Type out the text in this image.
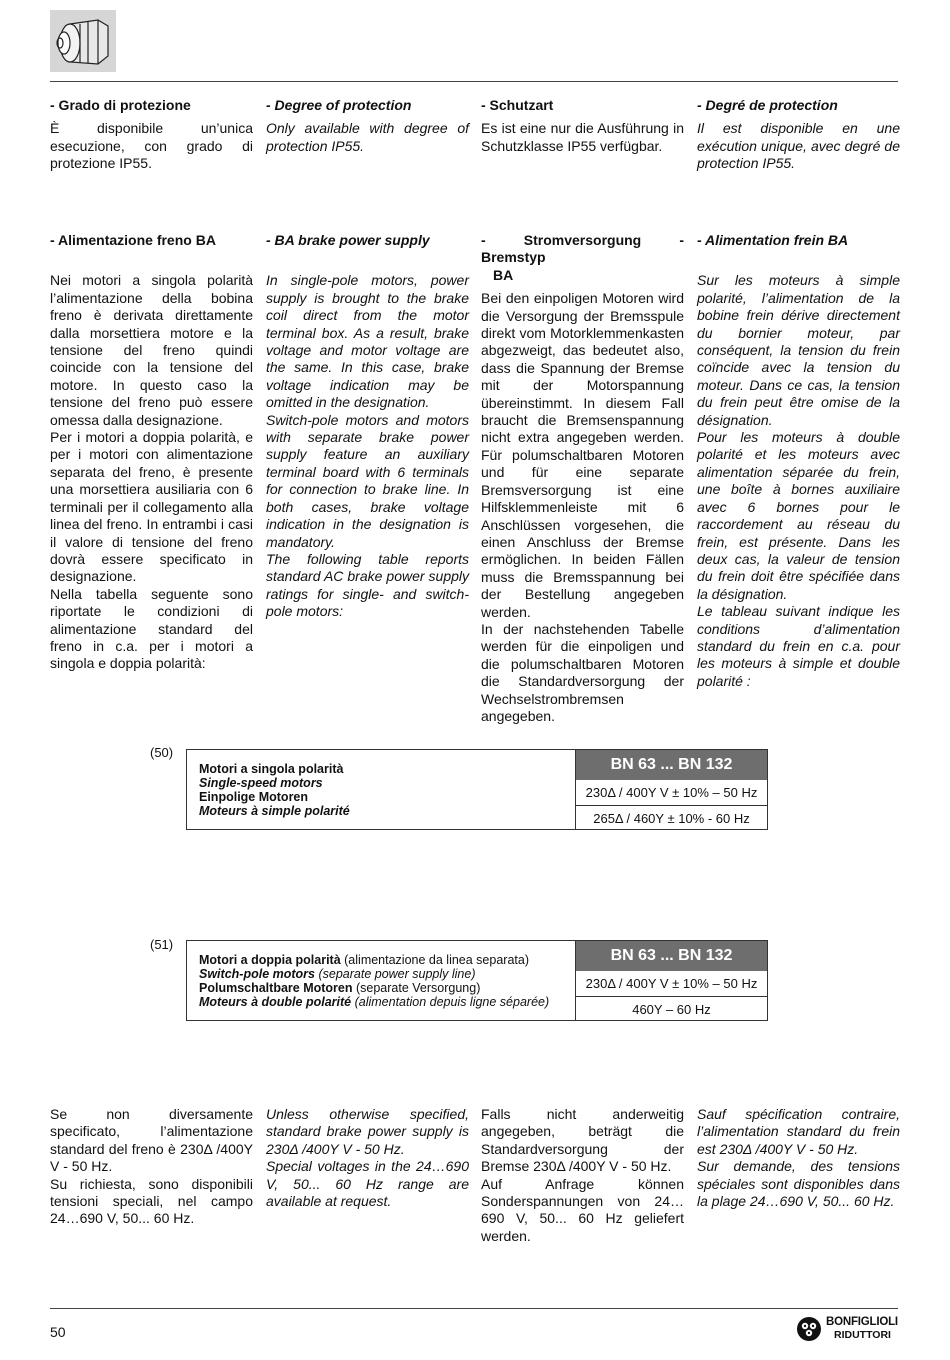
- Grado di protezione

È disponibile un’unica esecuzione, con grado di protezione IP55.

- Degree of protection

Only available with degree of protection IP55.

- Schutzart

Es ist eine nur die Ausführung in Schutzklasse IP55 verfügbar.

- Degré de protection

Il est disponible en une exécution unique, avec degré de protection IP55.

- Alimentazione freno BA

Nei motori a singola polarità l’alimentazione della bobina freno è derivata direttamente dalla morsettiera motore e la tensione del freno quindi coincide con la tensione del motore. In questo caso la tensione del freno può essere omessa dalla designazione.

Per i motori a doppia polarità, e per i motori con alimentazione separata del freno, è presente una morsettiera ausiliaria con 6 terminali per il collegamento alla linea del freno. In entrambi i casi il valore di tensione del freno dovrà essere specificato in designazione.

Nella tabella seguente sono riportate le condizioni di alimentazione standard del freno in c.a. per i motori a singola e doppia polarità:

- BA brake power supply

In single-pole motors, power supply is brought to the brake coil direct from the motor terminal box. As a result, brake voltage and motor voltage are the same. In this case, brake voltage indication may be omitted in the designation.

Switch-pole motors and motors with separate brake power supply feature an auxiliary terminal board with 6 terminals for connection to brake line. In both cases, brake voltage indication in the designation is mandatory.

The following table reports standard AC brake power supply ratings for single- and switch-pole motors:

- Stromversorgung - Bremstyp
BA

Bei den einpoligen Motoren wird die Versorgung der Bremsspule direkt vom Motorklemmenkasten abgezweigt, das bedeutet also, dass die Spannung der Bremse mit der Motorspannung übereinstimmt. In diesem Fall braucht die Bremsenspannung nicht extra angegeben werden. Für polumschaltbaren Motoren und für eine separate Bremsversorgung ist eine Hilfsklemmenleiste mit 6 Anschlüssen vorgesehen, die einen Anschluss der Bremse ermöglichen. In beiden Fällen muss die Bremsspannung bei der Bestellung angegeben werden.

In der nachstehenden Tabelle werden für die einpoligen und die polumschaltbaren Motoren die Standardversorgung der Wechselstrombremsen angegeben.

- Alimentation frein BA

Sur les moteurs à simple polarité, l’alimentation de la bobine frein dérive directement du bornier moteur, par conséquent, la tension du frein coïncide avec la tension du moteur. Dans ce cas, la tension du frein peut être omise de la désignation.

Pour les moteurs à double polarité et les moteurs avec alimentation séparée du frein, une boîte à bornes auxiliaire avec 6 bornes pour le raccordement au réseau du frein, est présente. Dans les deux cas, la valeur de tension du frein doit être spécifiée dans la désignation.

Le tableau suivant indique les conditions d’alimentation standard du frein en c.a. pour les moteurs à simple et double polarité :

(50)
Motori a singola polarità
Single-speed motors
Einpolige Motoren
Moteurs à simple polarité
BN 63 ... BN 132
230Δ / 400Y V ± 10% – 50 Hz
265Δ / 460Y ± 10% - 60 Hz
(51)
Motori a doppia polarità (alimentazione da linea separata)
Switch-pole motors (separate power supply line)
Polumschaltbare Motoren (separate Versorgung)
Moteurs à double polarité (alimentation depuis ligne séparée)
BN 63 ... BN 132
230Δ / 400Y V ± 10% – 50 Hz
460Y – 60 Hz

Se non diversamente specificato, l’alimentazione standard del freno è 230Δ /400Y V - 50 Hz.

Su richiesta, sono disponibili tensioni speciali, nel campo 24…690 V, 50... 60 Hz.

Unless otherwise specified, standard brake power supply is 230Δ /400Y V - 50 Hz.

Special voltages in the 24…690 V, 50... 60 Hz range are available at request.

Falls nicht anderweitig angegeben, beträgt die Standardversorgung der Bremse 230Δ /400Y V - 50 Hz.

Auf Anfrage können Sonderspannungen von 24…690 V, 50... 60 Hz geliefert werden.

Sauf spécification contraire, l’alimentation standard du frein est 230Δ /400Y V - 50 Hz.

Sur demande, des tensions spéciales sont disponibles dans la plage 24…690 V, 50... 60 Hz.

50
BONFIGLIOLI
RIDUTTORI
